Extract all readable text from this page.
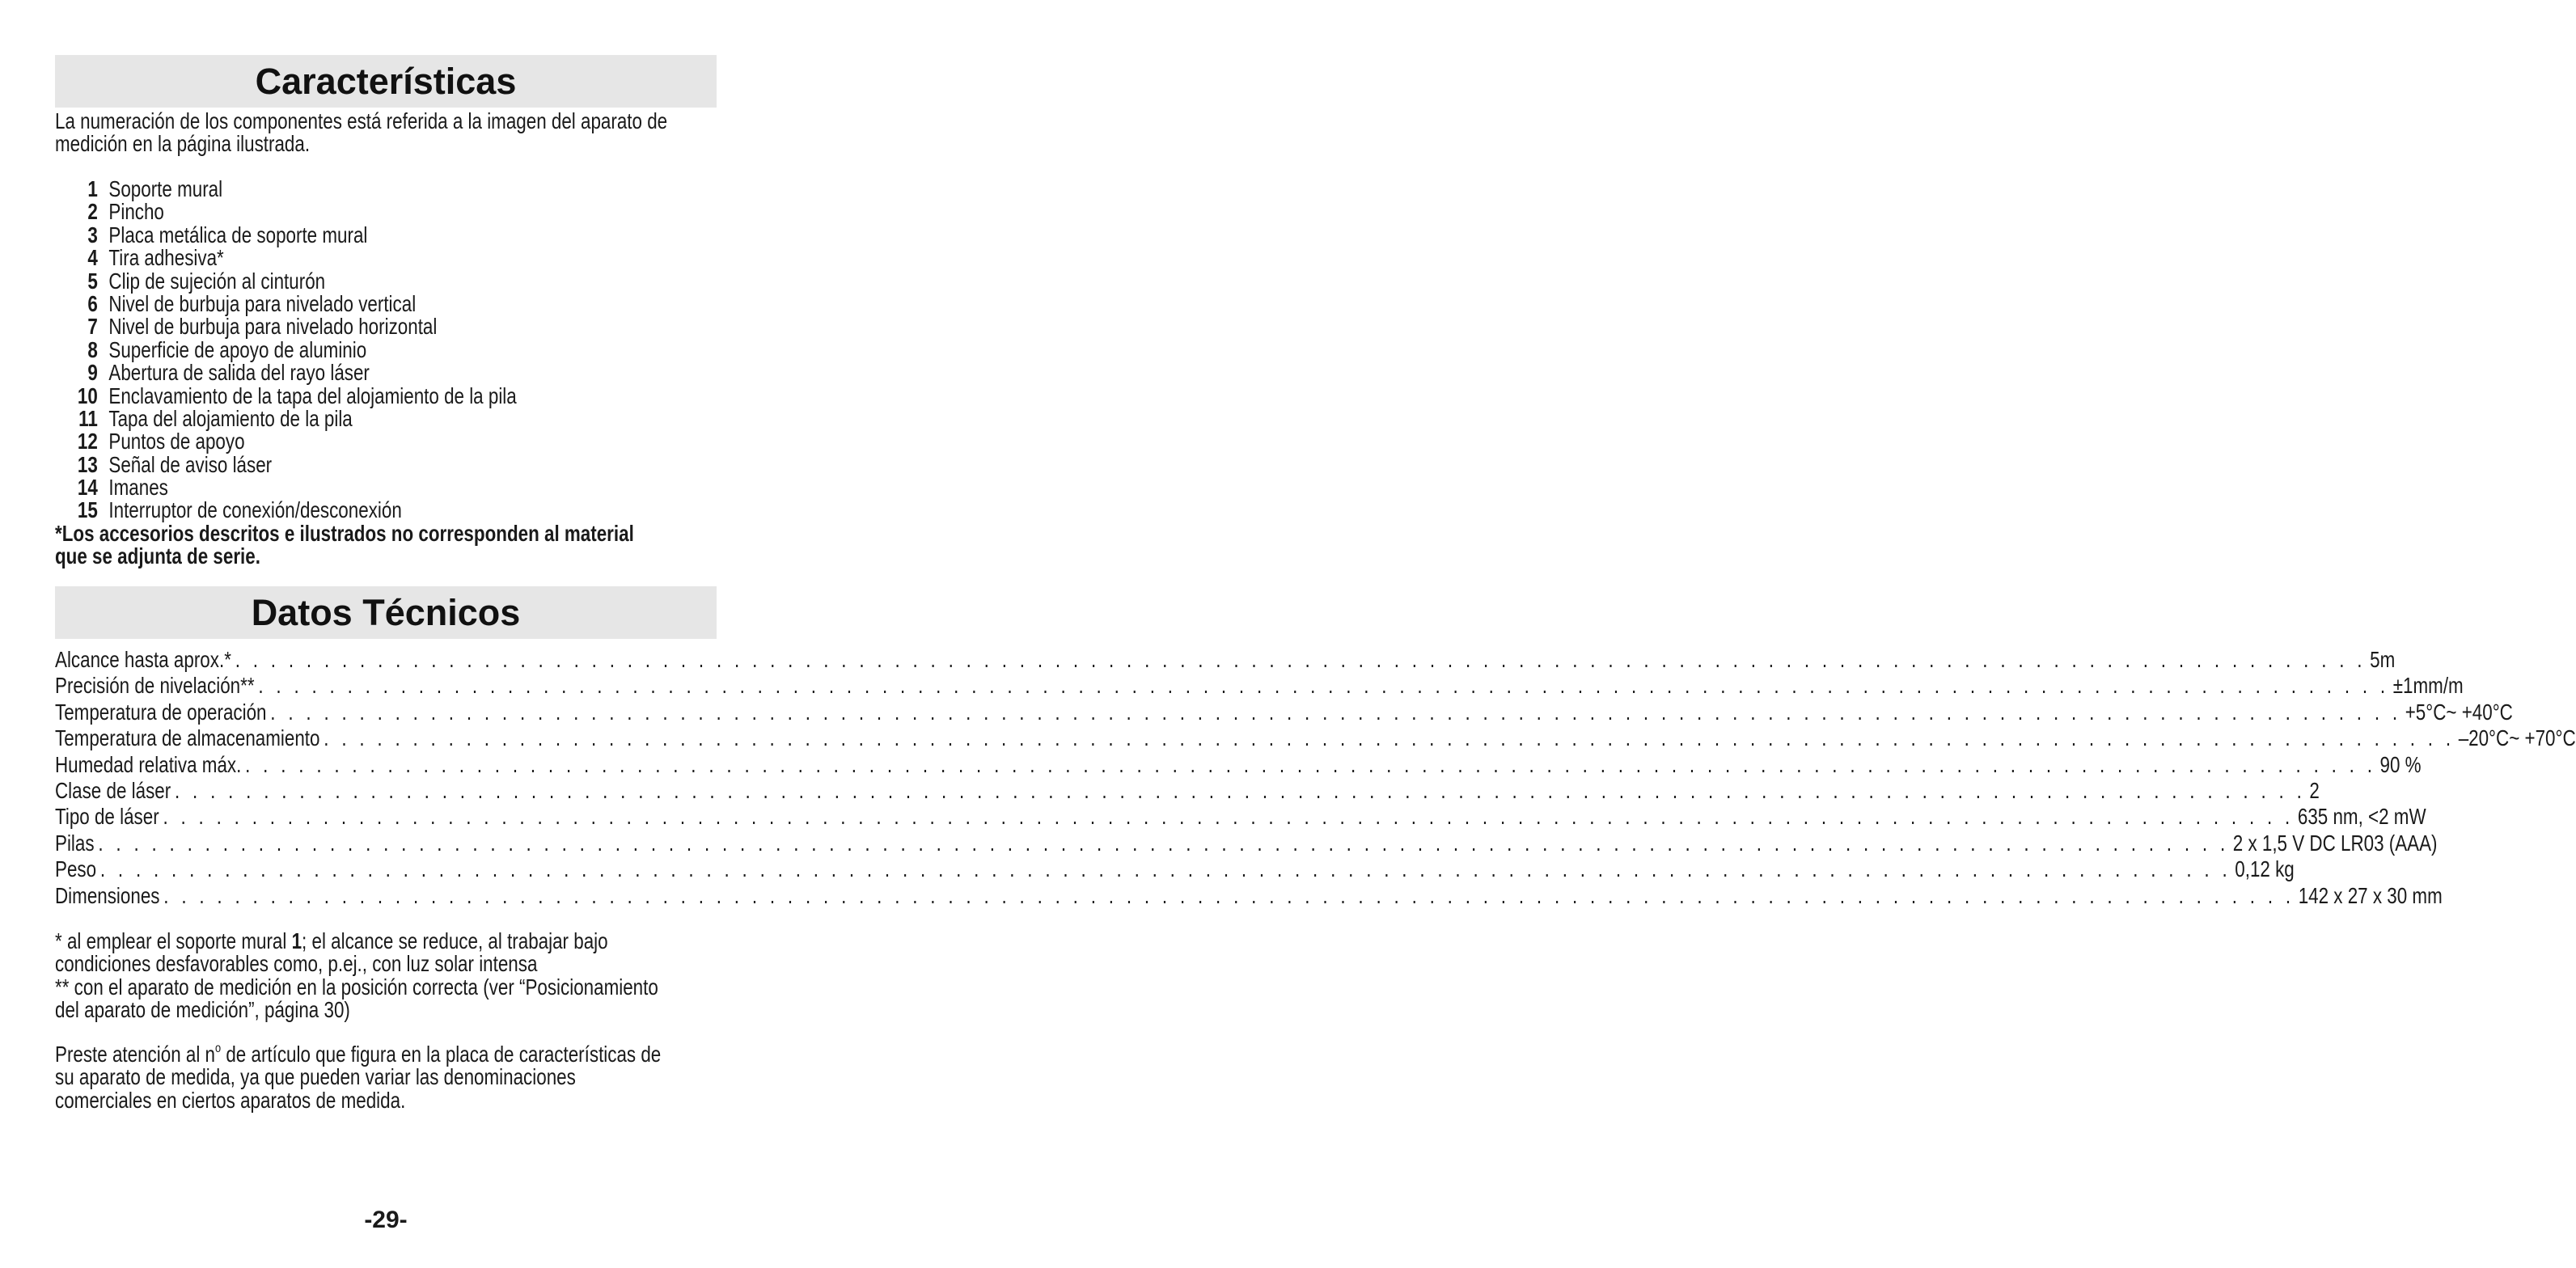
Características
La numeración de los componentes está referida a la imagen del aparato de
medición en la página ilustrada.
1 Soporte mural
2 Pincho
3 Placa metálica de soporte mural
4 Tira adhesiva*
5 Clip de sujeción al cinturón
6 Nivel de burbuja para nivelado vertical
7 Nivel de burbuja para nivelado horizontal
8 Superficie de apoyo de aluminio
9 Abertura de salida del rayo láser
10 Enclavamiento de la tapa del alojamiento de la pila
11 Tapa del alojamiento de la pila
12 Puntos de apoyo
13 Señal de aviso láser
14 Imanes
15 Interruptor de conexión/desconexión
*Los accesorios descritos e ilustrados no corresponden al material
que se adjunta de serie.
Datos Técnicos
Alcance hasta aprox.* . . . . . . . . . . . . . . . . . . . . . . . . . . . . . . . . . . . . . . . . . . . . . . . . . . . . . . . . . . . . . . . . . . . . . . . . . . . . . . . . . . . . . . . . . . . . . . . . . . . . . . . . . . . . . . . . . . . . . . . . 5m
Precisión de nivelación** . . . . . . . . . . . . . . . . . . . . . . . . . . . . . . . . . . . . . . . . . . . . . . . . . . . . . . . . . . . . . . . . . . . . . . . . . . . . . . . . . . . . . . . . . . . . . . . . . . . . . . . . . . . . . . . . . . . . . . . . ±1mm/m
Temperatura de operación . . . . . . . . . . . . . . . . . . . . . . . . . . . . . . . . . . . . . . . . . . . . . . . . . . . . . . . . . . . . . . . . . . . . . . . . . . . . . . . . . . . . . . . . . . . . . . . . . . . . . . . . . . . . . . . . . . . . . . . . +5°C~ +40°C
Temperatura de almacenamiento . . . . . . . . . . . . . . . . . . . . . . . . . . . . . . . . . . . . . . . . . . . . . . . . . . . . . . . . . . . . . . . . . . . . . . . . . . . . . . . . . . . . . . . . . . . . . . . . . . . . . . . . . . . . . . . . . . . . . . . . –20°C~ +70°C
Humedad relativa máx. . . . . . . . . . . . . . . . . . . . . . . . . . . . . . . . . . . . . . . . . . . . . . . . . . . . . . . . . . . . . . . . . . . . . . . . . . . . . . . . . . . . . . . . . . . . . . . . . . . . . . . . . . . . . . . . . . . . . . . . . 90 %
Clase de láser . . . . . . . . . . . . . . . . . . . . . . . . . . . . . . . . . . . . . . . . . . . . . . . . . . . . . . . . . . . . . . . . . . . . . . . . . . . . . . . . . . . . . . . . . . . . . . . . . . . . . . . . . . . . . . . . . . . . . . . . 2
Tipo de láser . . . . . . . . . . . . . . . . . . . . . . . . . . . . . . . . . . . . . . . . . . . . . . . . . . . . . . . . . . . . . . . . . . . . . . . . . . . . . . . . . . . . . . . . . . . . . . . . . . . . . . . . . . . . . . . . . . . . . . . . 635 nm, <2 mW
Pilas . . . . . . . . . . . . . . . . . . . . . . . . . . . . . . . . . . . . . . . . . . . . . . . . . . . . . . . . . . . . . . . . . . . . . . . . . . . . . . . . . . . . . . . . . . . . . . . . . . . . . . . . . . . . . . . . . . . . . . . . 2 x 1,5 V DC LR03 (AAA)
Peso . . . . . . . . . . . . . . . . . . . . . . . . . . . . . . . . . . . . . . . . . . . . . . . . . . . . . . . . . . . . . . . . . . . . . . . . . . . . . . . . . . . . . . . . . . . . . . . . . . . . . . . . . . . . . . . . . . . . . . . . 0,12 kg
Dimensiones . . . . . . . . . . . . . . . . . . . . . . . . . . . . . . . . . . . . . . . . . . . . . . . . . . . . . . . . . . . . . . . . . . . . . . . . . . . . . . . . . . . . . . . . . . . . . . . . . . . . . . . . . . . . . . . . . . . . . . . . 142 x 27 x 30 mm
* al emplear el soporte mural 1; el alcance se reduce, al trabajar bajo
condiciones desfavorables como, p.ej., con luz solar intensa
** con el aparato de medición en la posición correcta (ver “Posicionamiento
del aparato de medición”, página 30)
Preste atención al $n^o$ de artículo que figura en la placa de características de
su aparato de medida, ya que pueden variar las denominaciones
comerciales en ciertos aparatos de medida.
-29-
